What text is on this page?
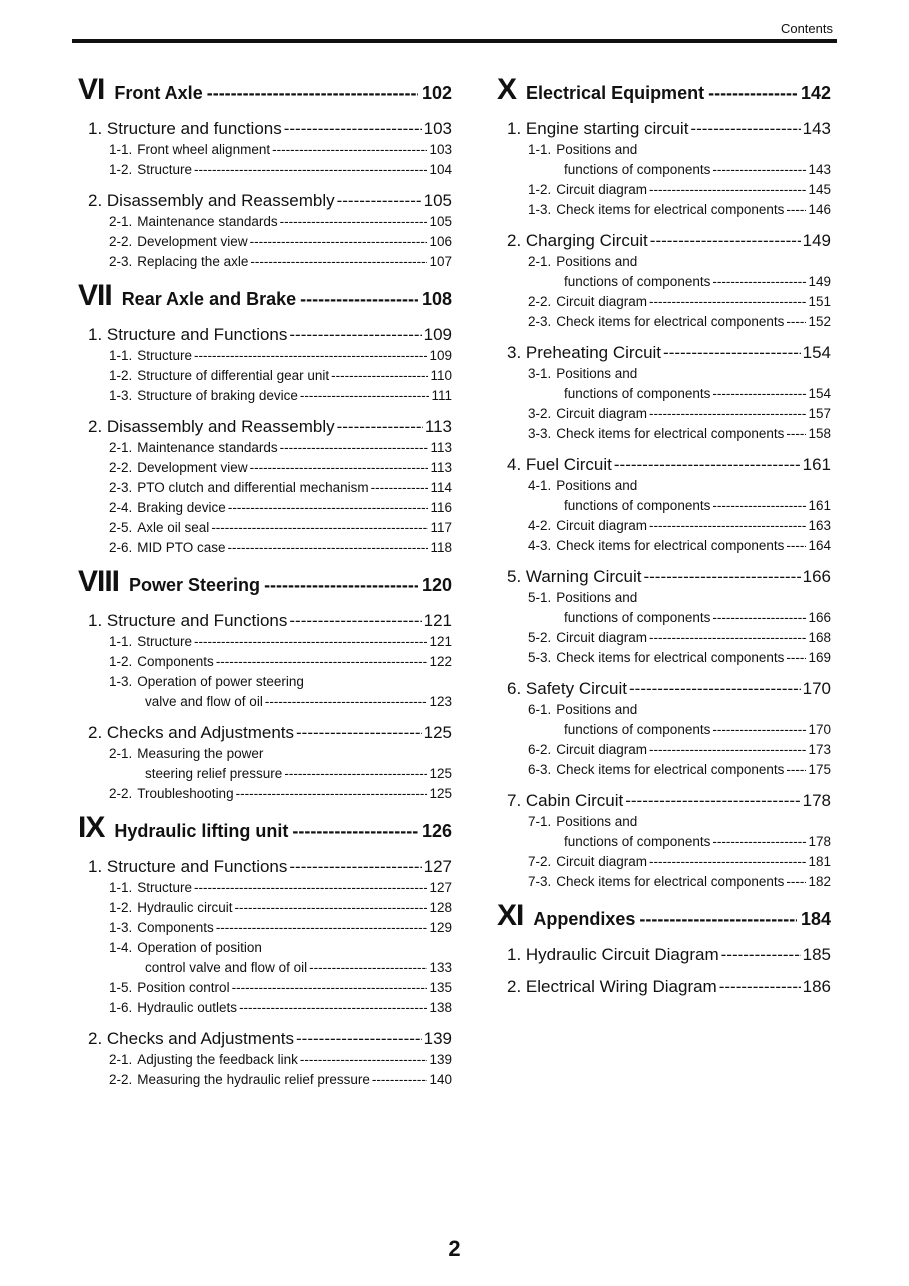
Contents
VI Front Axle -----	102
1. Structure and functions -----	103
1-1. Front wheel alignment -----	103
1-2. Structure -----	104
2. Disassembly and Reassembly -----	105
2-1. Maintenance standards -----	105
2-2. Development view -----	106
2-3. Replacing the axle -----	107
VII Rear Axle and Brake -----	108
1. Structure and Functions -----	109
1-1. Structure -----	109
1-2. Structure of differential gear unit -----	110
1-3. Structure of braking device -----	111
2. Disassembly and Reassembly -----	113
2-1. Maintenance standards -----	113
2-2. Development view -----	113
2-3. PTO clutch and differential mechanism -----	114
2-4. Braking device -----	116
2-5. Axle oil seal -----	117
2-6. MID PTO case -----	118
VIII Power Steering -----	120
1. Structure and Functions -----	121
1-1. Structure -----	121
1-2. Components -----	122
1-3. Operation of power steering
valve and flow of oil -----	123
2. Checks and Adjustments -----	125
2-1. Measuring the power
steering relief pressure -----	125
2-2. Troubleshooting -----	125
IX Hydraulic lifting unit -----	126
1. Structure and Functions -----	127
1-1. Structure -----	127
1-2. Hydraulic circuit -----	128
1-3. Components -----	129
1-4. Operation of position
control valve and flow of oil -----	133
1-5. Position control -----	135
1-6. Hydraulic outlets -----	138
2. Checks and Adjustments -----	139
2-1. Adjusting the feedback link -----	139
2-2. Measuring the hydraulic relief pressure -----	140
X Electrical Equipment -----	142
1. Engine starting circuit -----	143
1-1. Positions and
functions of components -----	143
1-2. Circuit diagram -----	145
1-3. Check items for electrical components ----- 146
2. Charging Circuit -----	149
2-1. Positions and
functions of components -----	149
2-2. Circuit diagram -----	151
2-3. Check items for electrical components ----- 152
3. Preheating Circuit -----	154
3-1. Positions and
functions of components -----	154
3-2. Circuit diagram -----	157
3-3. Check items for electrical components ----- 158
4. Fuel Circuit -----	161
4-1. Positions and
functions of components -----	161
4-2. Circuit diagram -----	163
4-3. Check items for electrical components ----- 164
5. Warning Circuit -----	166
5-1. Positions and
functions of components -----	166
5-2. Circuit diagram -----	168
5-3. Check items for electrical components ----- 169
6. Safety Circuit -----	170
6-1. Positions and
functions of components -----	170
6-2. Circuit diagram -----	173
6-3. Check items for electrical components ----- 175
7. Cabin Circuit -----	178
7-1. Positions and
functions of components -----	178
7-2. Circuit diagram -----	181
7-3. Check items for electrical components ----- 182
XI Appendixes -----	184
1. Hydraulic Circuit Diagram -----	185
2. Electrical Wiring Diagram -----	186
2
